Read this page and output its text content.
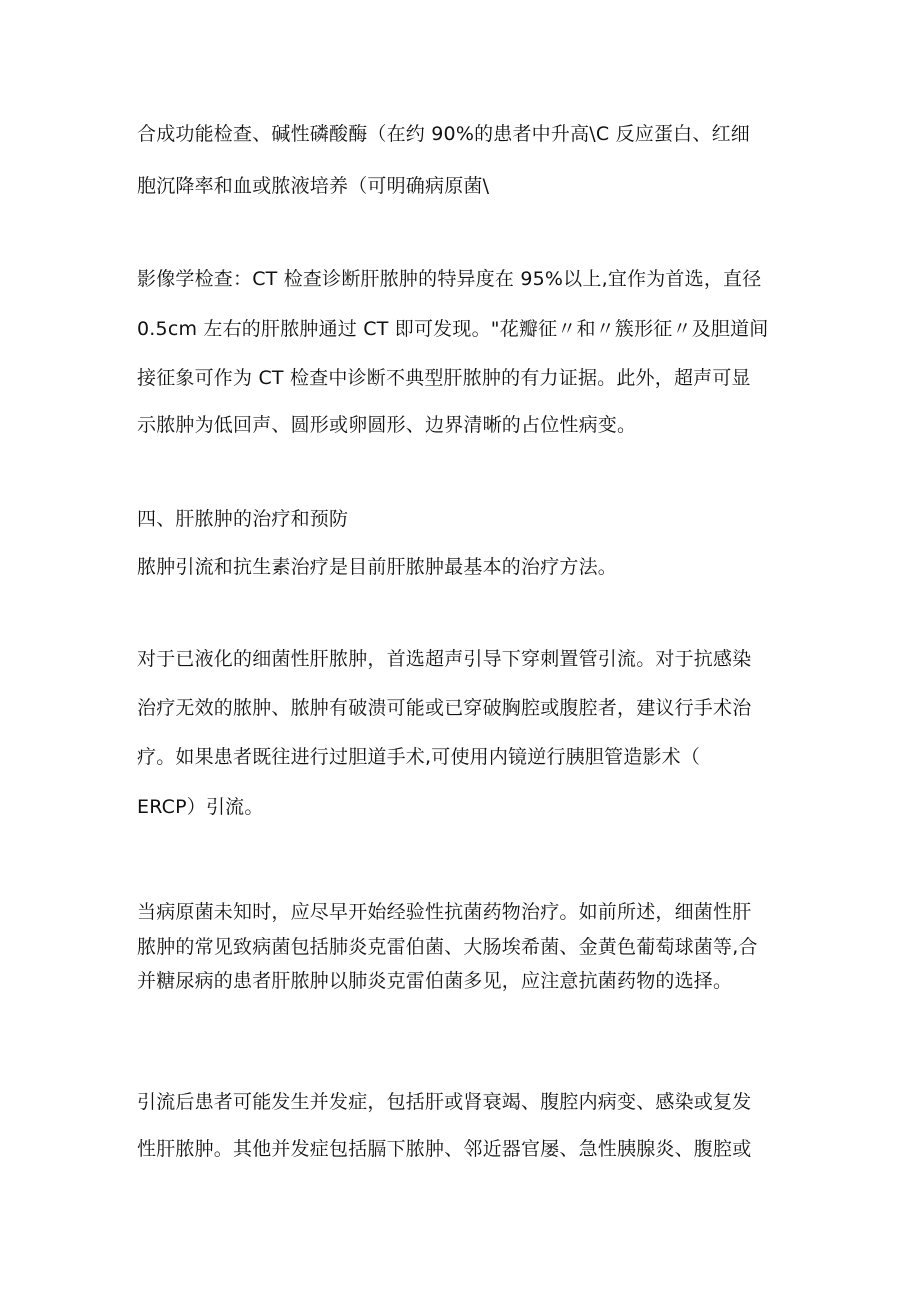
合成功能检查、碱性磷酸酶（在约 90%的患者中升高\C 反应蛋白、红细
胞沉降率和血或脓液培养（可明确病原菌\
影像学检查：CT 检查诊断肝脓肿的特异度在 95%以上,宜作为首选，直径
0.5cm 左右的肝脓肿通过 CT 即可发现。"花瓣征〃和〃簇形征〃及胆道间
接征象可作为 CT 检查中诊断不典型肝脓肿的有力证据。此外，超声可显
示脓肿为低回声、圆形或卵圆形、边界清晰的占位性病变。
四、肝脓肿的治疗和预防
脓肿引流和抗生素治疗是目前肝脓肿最基本的治疗方法。
对于已液化的细菌性肝脓肿，首选超声引导下穿刺置管引流。对于抗感染
治疗无效的脓肿、脓肿有破溃可能或已穿破胸腔或腹腔者，建议行手术治
疗。如果患者既往进行过胆道手术,可使用内镜逆行胰胆管造影术（
ERCP）引流。
当病原菌未知时，应尽早开始经验性抗菌药物治疗。如前所述，细菌性肝
脓肿的常见致病菌包括肺炎克雷伯菌、大肠埃希菌、金黄色葡萄球菌等,合
并糖尿病的患者肝脓肿以肺炎克雷伯菌多见，应注意抗菌药物的选择。
引流后患者可能发生并发症，包括肝或肾衰竭、腹腔内病变、感染或复发
性肝脓肿。其他并发症包括膈下脓肿、邻近器官屡、急性胰腺炎、腹腔或
